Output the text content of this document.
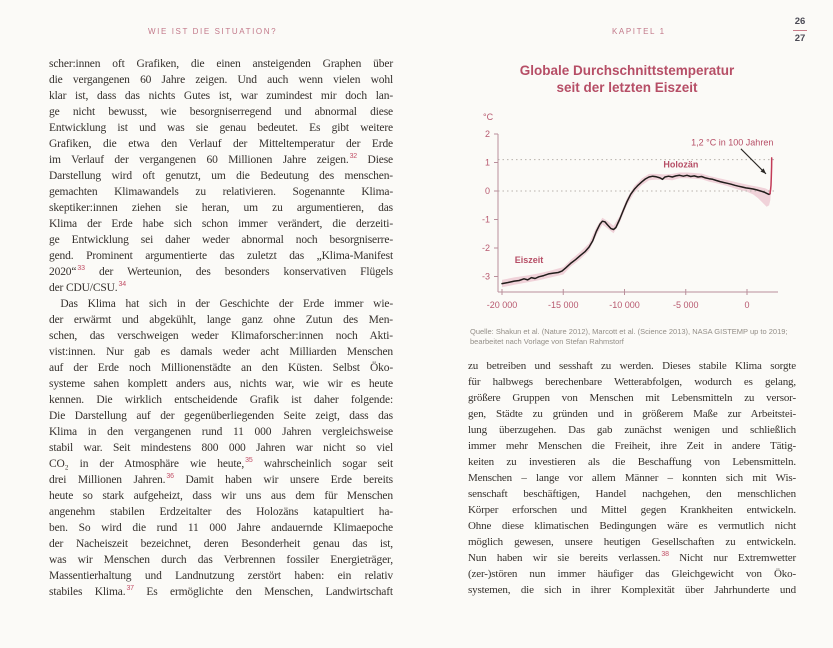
WIE IST DIE SITUATION?	KAPITEL 1
26
27
scher:innen oft Grafiken, die einen ansteigenden Graphen über
die vergangenen 60 Jahre zeigen. Und auch wenn vielen wohl
klar ist, dass das nichts Gutes ist, war zumindest mir doch lan-
ge nicht bewusst, wie besorgniserregend und abnormal diese
Entwicklung ist und was sie genau bedeutet. Es gibt weitere
Grafiken, die etwa den Verlauf der Mitteltemperatur der Erde
im Verlauf der vergangenen 60 Millionen Jahre zeigen.$^{32}$ Diese
Darstellung wird oft genutzt, um die Bedeutung des menschen-
gemachten Klimawandels zu relativieren. Sogenannte Klima-
skeptiker:innen ziehen sie heran, um zu argumentieren, das
Klima der Erde habe sich schon immer verändert, die derzeiti-
ge Entwicklung sei daher weder abnormal noch besorgniserre-
gend. Prominent argumentierte das zuletzt das „Klima-Manifest
2020“$^{33}$ der Werteunion, des besonders konservativen Flügels
der CDU/CSU.$^{34}$
 Das Klima hat sich in der Geschichte der Erde immer wie-
der erwärmt und abgekühlt, lange ganz ohne Zutun des Men-
schen, das verschweigen weder Klimaforscher:innen noch Akti-
vist:innen. Nur gab es damals weder acht Milliarden Menschen
auf der Erde noch Millionenstädte an den Küsten. Selbst Öko-
systeme sahen komplett anders aus, nichts war, wie wir es heute
kennen. Die wirklich entscheidende Grafik ist daher folgende:
Die Darstellung auf der gegenüberliegenden Seite zeigt, dass das
Klima in den vergangenen rund 11 000 Jahren vergleichsweise
stabil war. Seit mindestens 800 000 Jahren war nicht so viel
CO₂ in der Atmosphäre wie heute,$^{35}$ wahrscheinlich sogar seit
drei Millionen Jahren.$^{36}$ Damit haben wir unsere Erde bereits
heute so stark aufgeheizt, dass wir uns aus dem für Menschen
angenehm stabilen Erdzeitalter des Holozäns katapultiert ha-
ben. So wird die rund 11 000 Jahre andauernde Klimaepoche
der Nacheiszeit bezeichnet, deren Besonderheit genau das ist,
was wir Menschen durch das Verbrennen fossiler Energieträger,
Massentierhaltung und Landnutzung zerstört haben: ein relativ
stabiles Klima.$^{37}$ Es ermöglichte den Menschen, Landwirtschaft
Globale Durchschnittstemperatur
seit der letzten Eiszeit
2
1
0
-1
-2
-3
-20 000	-15 000	-10 000	-5 000	0
°C
Eiszeit
Holozän
1,2 °C in 100 Jahren
Quelle: Shakun et al. (Nature 2012), Marcott et al. (Science 2013), NASA GISTEMP up to 2019;
bearbeitet nach Vorlage von Stefan Rahmstorf
zu betreiben und sesshaft zu werden. Dieses stabile Klima sorgte
für halbwegs berechenbare Wetterabfolgen, wodurch es gelang,
größere Gruppen von Menschen mit Lebensmitteln zu versor-
gen, Städte zu gründen und in größerem Maße zur Arbeitstei-
lung überzugehen. Das gab zunächst wenigen und schließlich
immer mehr Menschen die Freiheit, ihre Zeit in andere Tätig-
keiten zu investieren als die Beschaffung von Lebensmitteln.
Menschen – lange vor allem Männer – konnten sich mit Wis-
senschaft beschäftigen, Handel nachgehen, den menschlichen
Körper erforschen und Mittel gegen Krankheiten entwickeln.
Ohne diese klimatischen Bedingungen wäre es vermutlich nicht
möglich gewesen, unsere heutigen Gesellschaften zu entwickeln.
Nun haben wir sie bereits verlassen.$^{38}$ Nicht nur Extremwetter
(zer-)stören nun immer häufiger das Gleichgewicht von Öko-
systemen, die sich in ihrer Komplexität über Jahrhunderte und
